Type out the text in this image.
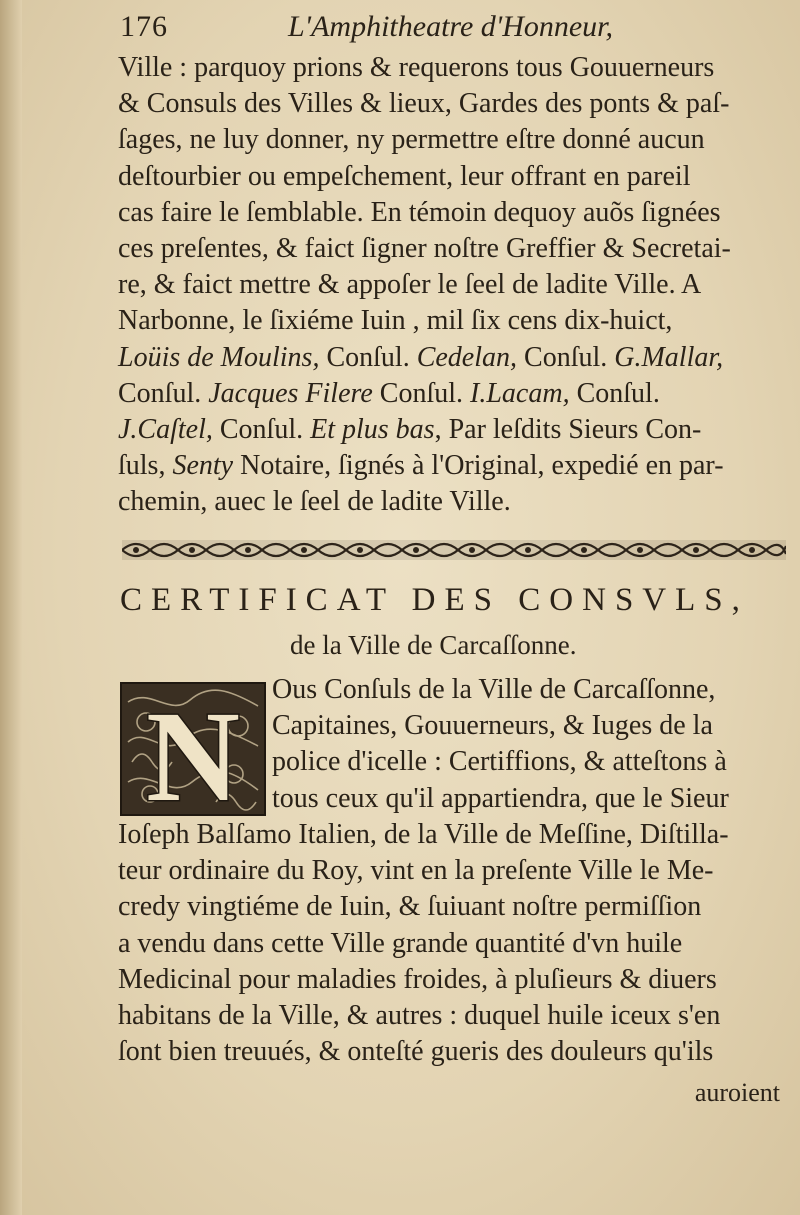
176	L'Amphitheatre d'Honneur,
Ville : parquoy prions & requerons tous Gouuerneurs
& Consuls des Villes & lieux, Gardes des ponts & paſ-
ſages, ne luy donner, ny permettre eſtre donné aucun
deſtourbier ou empeſchement, leur offrant en pareil
cas faire le ſemblable. En témoin dequoy auõs ſignées
ces preſentes, & faict ſigner noſtre Greffier & Secretai-
re, & faict mettre & appoſer le ſeel de ladite Ville. A
Narbonne, le ſixiéme Iuin , mil ſix cens dix-huict,
Loüis de Moulins, Conſul. Cedelan, Conſul. G.Mallar,
Conſul. Jacques Filere Conſul. I.Lacam, Conſul.
J.Caſtel, Conſul. Et plus bas, Par leſdits Sieurs Con-
ſuls, Senty Notaire, ſignés à l'Original, expedié en par-
chemin, auec le ſeel de ladite Ville.
CERTIFICAT DES CONSVLS,
de la Ville de Carcaſſonne.
N Ous Conſuls de la Ville de Carcaſſonne,
Capitaines, Gouuerneurs, & Iuges de la
police d'icelle : Certiffions, & atteſtons à
tous ceux qu'il appartiendra, que le Sieur
Ioſeph Balſamo Italien, de la Ville de Meſſine, Diſtilla-
teur ordinaire du Roy, vint en la preſente Ville le Me-
credy vingtiéme de Iuin, & ſuiuant noſtre permiſſion
a vendu dans cette Ville grande quantité d'vn huile
Medicinal pour maladies froides, à pluſieurs & diuers
habitans de la Ville, & autres : duquel huile iceux s'en
ſont bien treuués, & onteſté gueris des douleurs qu'ils
auroient
